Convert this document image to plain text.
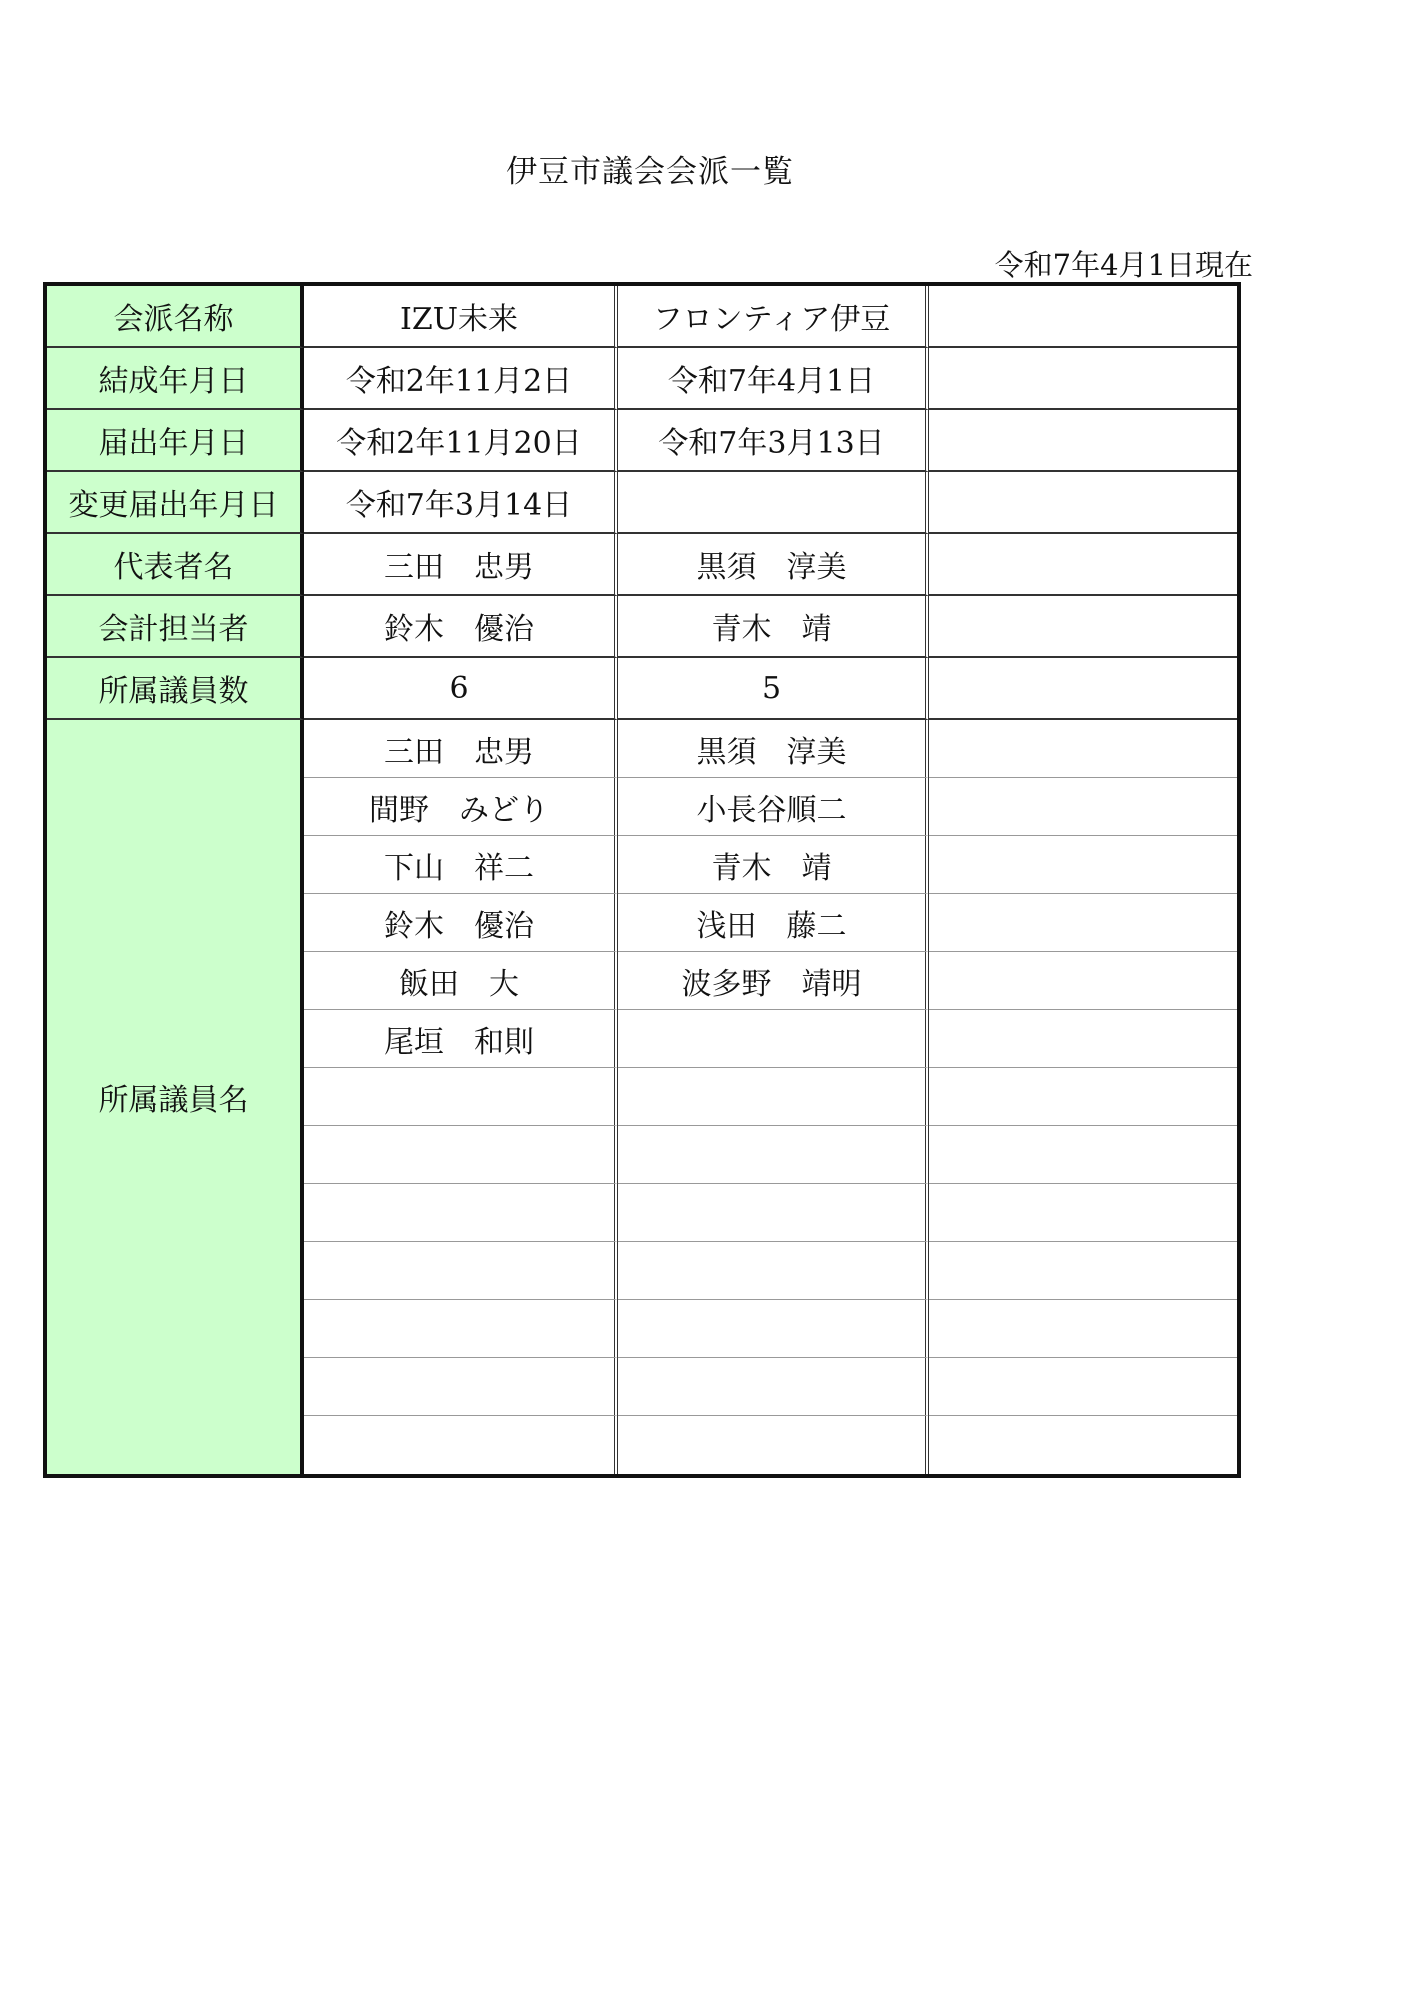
伊豆市議会会派一覧
令和7年4月1日現在
会派名称	IZU未来	フロンティア伊豆	
結成年月日	令和2年11月2日	令和7年4月1日	
届出年月日	令和2年11月20日	令和7年3月13日	
変更届出年月日	令和7年3月14日		
代表者名	三田　忠男	黒須　淳美	
会計担当者	鈴木　優治	青木　靖	
所属議員数	6	5	
所属議員名	三田　忠男	黒須　淳美	
	間野　みどり	小長谷順二	
	下山　祥二	青木　靖	
	鈴木　優治	浅田　藤二	
	飯田　大	波多野　靖明	
	尾垣　和則		
